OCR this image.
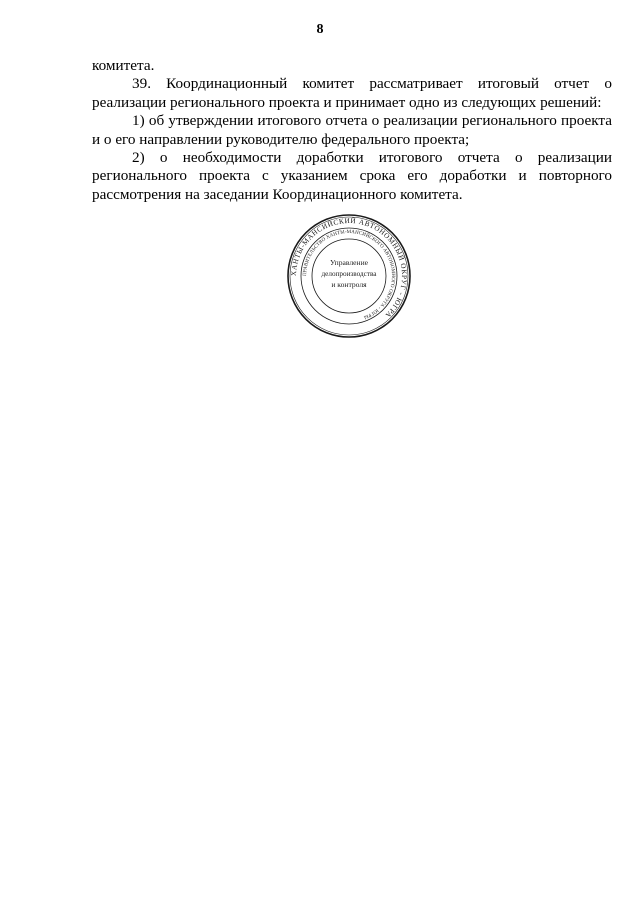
8

комитета.

39. Координационный комитет рассматривает итоговый отчет о реализации регионального проекта и принимает одно из следующих решений:

1) об утверждении итогового отчета о реализации регионального проекта и о его направлении руководителю федерального проекта;

2) о необходимости доработки итогового отчета о реализации регионального проекта с указанием срока его доработки и повторного рассмотрения на заседании Координационного комитета.

ХАНТЫ-МАНСИЙСКИЙ АВТОНОМНЫЙ ОКРУГ - ЮГРА
ПРАВИТЕЛЬСТВО ХАНТЫ-МАНСИЙСКОГО АВТОНОМНОГО ОКРУГА - ЮГРЫ
Управление
делопроизводства
и контроля
